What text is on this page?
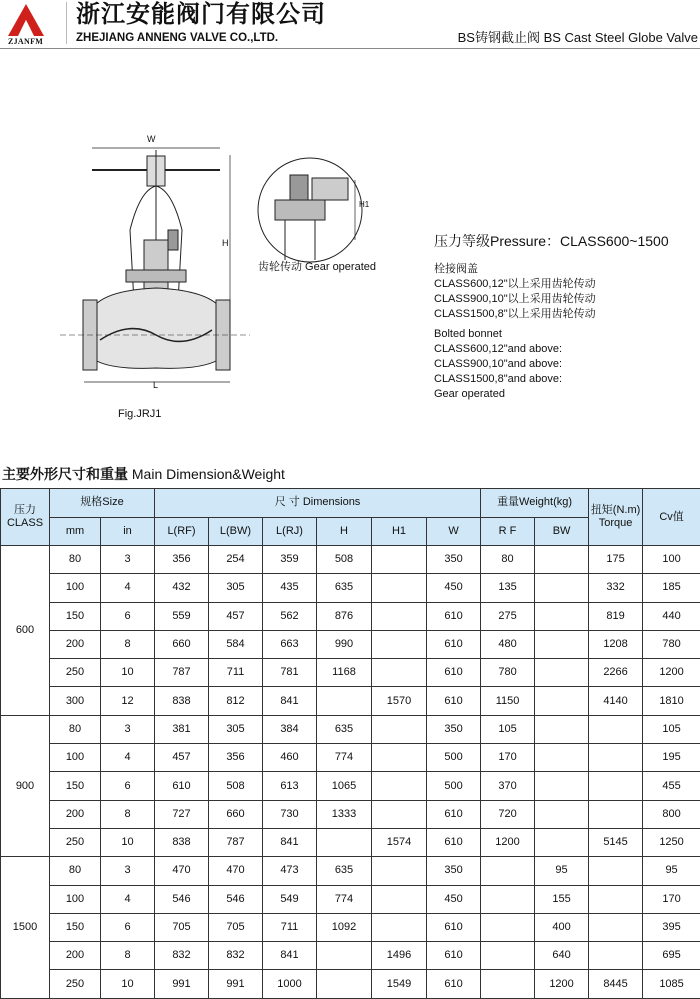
ZJANFM
浙江安能阀门有限公司
ZHEJIANG ANNENG VALVE CO.,LTD.	BS铸钢截止阀 BS Cast Steel Globe Valve
W
H
L
H1
齿轮传动 Gear operated
Fig.JRJ1
压力等级Pressure：CLASS600~1500
栓接阀盖
CLASS600,12"以上采用齿轮传动
CLASS900,10"以上采用齿轮传动
CLASS1500,8"以上采用齿轮传动
Bolted bonnet
CLASS600,12"and above:
CLASS900,10"and above:
CLASS1500,8"and above:
Gear operated
主要外形尺寸和重量 Main Dimension&Weight
压力
CLASS	规格Size		尺 寸 Dimensions						重量Weight(kg)		扭矩(N.m)
Torque	Cv值
	mm	in	L(RF)	L(BW)	L(RJ)	H	H1	W	R F	BW		
600	80	3	356	254	359	508		350	80		175	100
	100	4	432	305	435	635		450	135		332	185
	150	6	559	457	562	876		610	275		819	440
	200	8	660	584	663	990		610	480		1208	780
	250	10	787	711	781	1168		610	780		2266	1200
	300	12	838	812	841		1570	610	1150		4140	1810
900	80	3	381	305	384	635		350	105			105
	100	4	457	356	460	774		500	170			195
	150	6	610	508	613	1065		500	370			455
	200	8	727	660	730	1333		610	720			800
	250	10	838	787	841		1574	610	1200		5145	1250
1500	80	3	470	470	473	635		350		95		95
	100	4	546	546	549	774		450		155		170
	150	6	705	705	711	1092		610		400		395
	200	8	832	832	841		1496	610		640		695
	250	10	991	991	1000		1549	610		1200	8445	1085
